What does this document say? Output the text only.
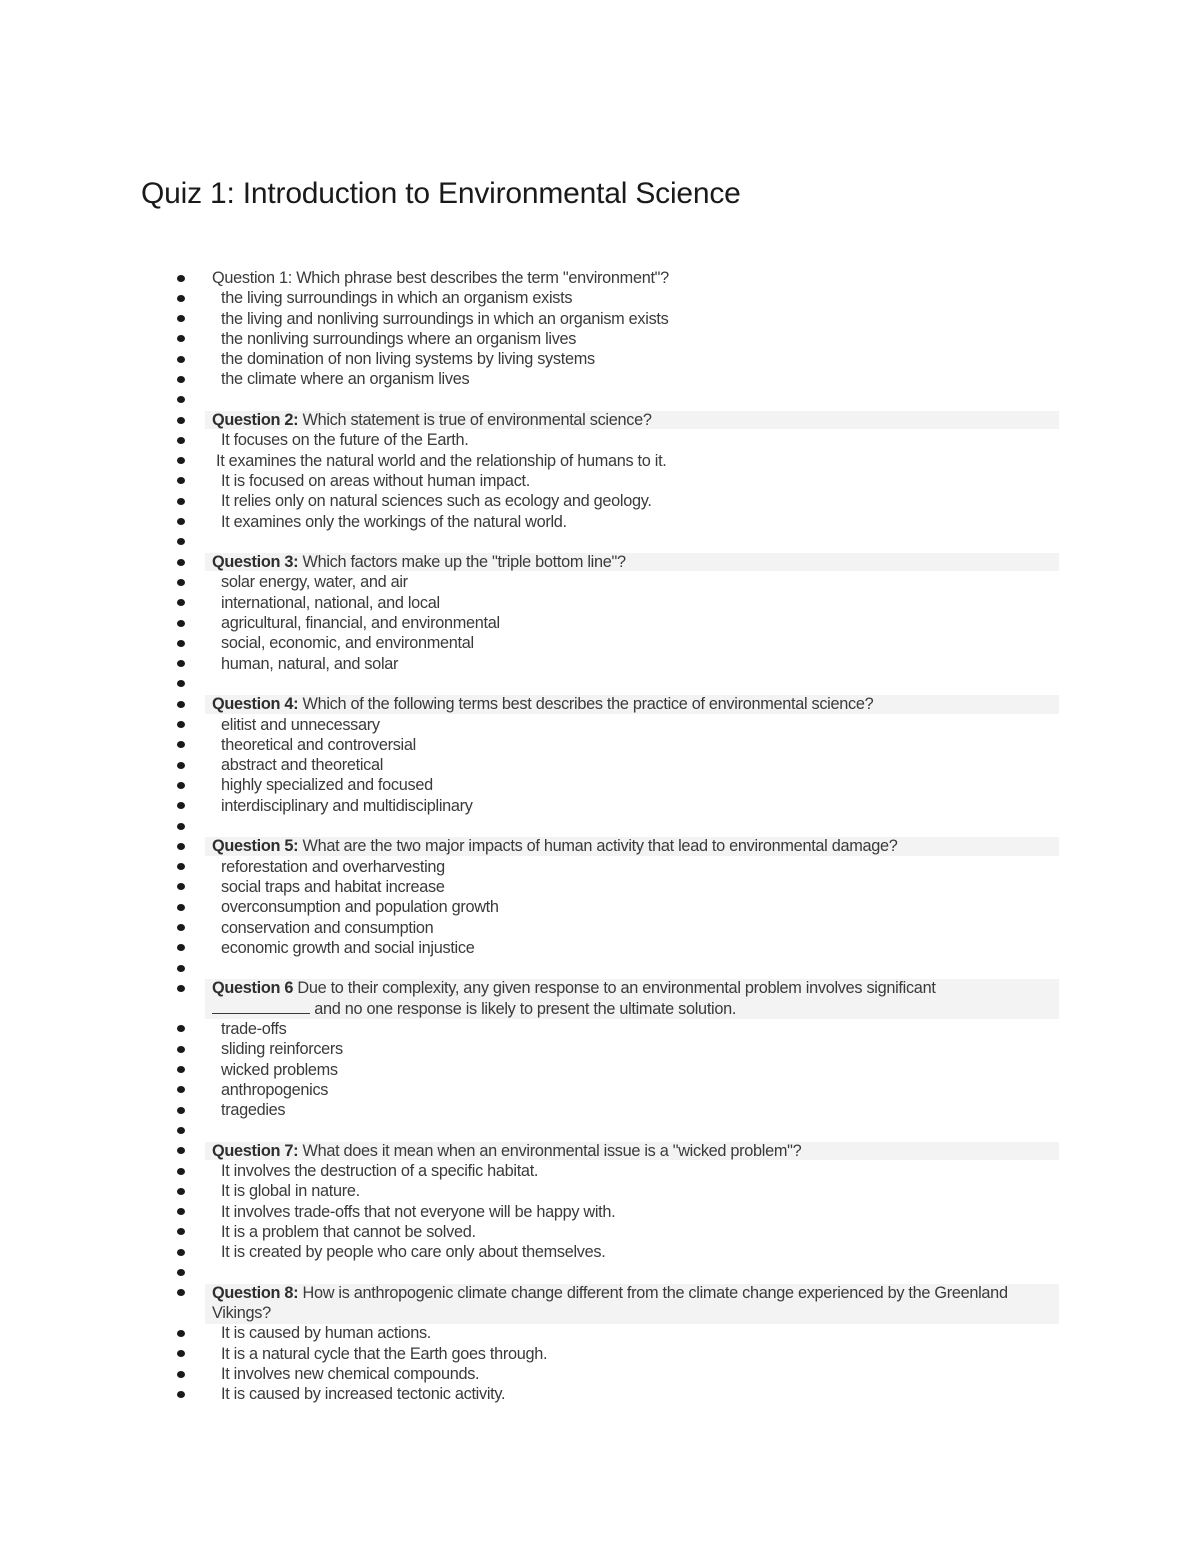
Quiz 1: Introduction to Environmental Science
Question 1: Which phrase best describes the term "environment"?
the living surroundings in which an organism exists
the living and nonliving surroundings in which an organism exists
the nonliving surroundings where an organism lives
the domination of non living systems by living systems
the climate where an organism lives
Question 2: Which statement is true of environmental science?
It focuses on the future of the Earth.
It examines the natural world and the relationship of humans to it.
It is focused on areas without human impact.
It relies only on natural sciences such as ecology and geology.
It examines only the workings of the natural world.
Question 3: Which factors make up the "triple bottom line"?
solar energy, water, and air
international, national, and local
agricultural, financial, and environmental
social, economic, and environmental
human, natural, and solar
Question 4: Which of the following terms best describes the practice of environmental science?
elitist and unnecessary
theoretical and controversial
abstract and theoretical
highly specialized and focused
interdisciplinary and multidisciplinary
Question 5: What are the two major impacts of human activity that lead to environmental damage?
reforestation and overharvesting
social traps and habitat increase
overconsumption and population growth
conservation and consumption
economic growth and social injustice
Question 6 Due to their complexity, any given response to an environmental problem involves significant
and no one response is likely to present the ultimate solution.
trade-offs
sliding reinforcers
wicked problems
anthropogenics
tragedies
Question 7: What does it mean when an environmental issue is a "wicked problem"?
It involves the destruction of a specific habitat.
It is global in nature.
It involves trade-offs that not everyone will be happy with.
It is a problem that cannot be solved.
It is created by people who care only about themselves.
Question 8: How is anthropogenic climate change different from the climate change experienced by the Greenland Vikings?
It is caused by human actions.
It is a natural cycle that the Earth goes through.
It involves new chemical compounds.
It is caused by increased tectonic activity.
